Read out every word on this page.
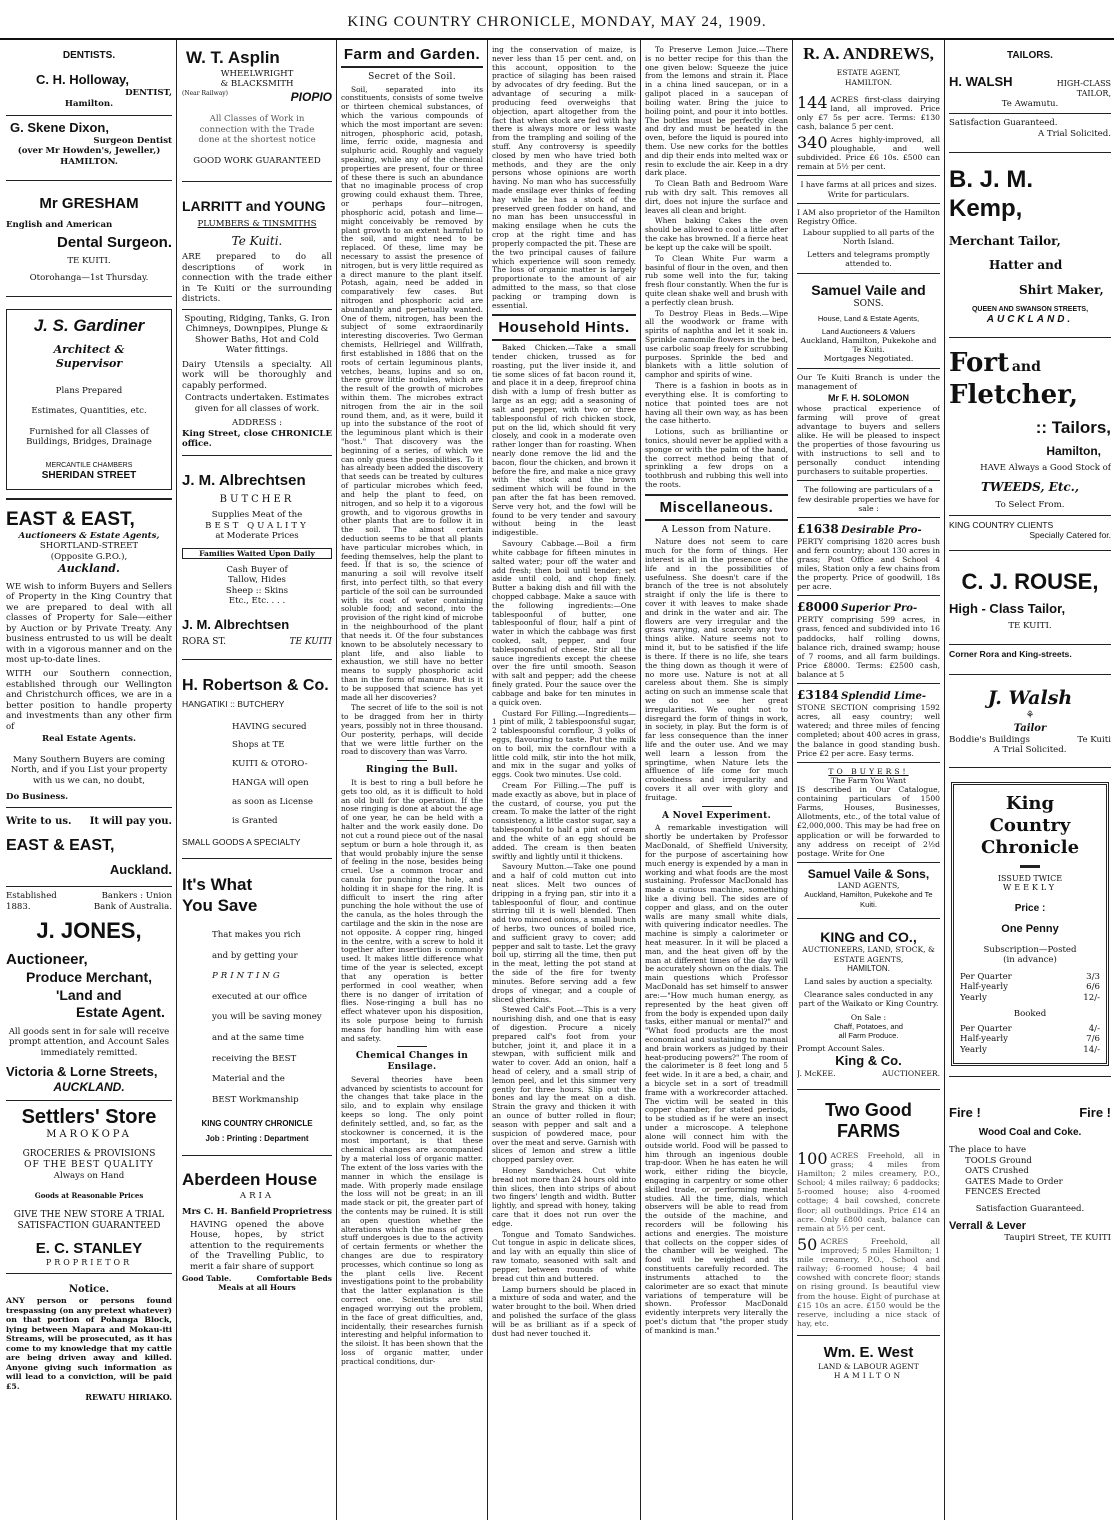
KING COUNTRY CHRONICLE, MONDAY, MAY 24, 1909.
DENTISTS.
C. H. Holloway,
DENTIST,
Hamilton.
G. Skene Dixon,
Surgeon Dentist
(over Mr Howden's, Jeweller,)
HAMILTON.
Mr GRESHAM
English and American
Dental Surgeon.
TE KUITI.
Otorohanga—1st Thursday.
J. S. Gardiner
Architect &
Supervisor
Plans Prepared
Estimates, Quantities, etc.
Furnished for all Classes of Buildings, Bridges, Drainage
MERCANTILE CHAMBERS
SHERIDAN STREET
EAST & EAST,
Auctioneers & Estate Agents,
SHORTLAND-STREET
(Opposite G.P.O.),
Auckland.
WE wish to inform Buyers and Sellers of Property in the King Country that we are prepared to deal with all classes of Property for Sale—either by Auction or by Private Treaty. Any business entrusted to us will be dealt with in a vigorous manner and on the most up-to-date lines.
WITH our Southern connection, established through our Wellington and Christchurch offices, we are in a better position to handle property and investments than any other firm of
Real Estate Agents.
Many Southern Buyers are coming North, and if you List your property with us we can, no doubt,
Do Business.
Write to us. It will pay you.
EAST & EAST,
Auckland.
Established 1883.
Bankers : Union Bank of Australia.
J. JONES,
Auctioneer,
Produce Merchant,
'Land and
Estate Agent.
All goods sent in for sale will receive prompt attention, and Account Sales immediately remitted.
Victoria & Lorne Streets,
AUCKLAND.
Settlers' Store
MAROKOPA
GROCERIES & PROVISIONS
OF THE BEST QUALITY
Always on Hand
Goods at Reasonable Prices
GIVE THE NEW STORE A TRIAL
SATISFACTION GUARANTEED
E. C. STANLEY
PROPRIETOR
Notice.
ANY person or persons found trespassing (on any pretext whatever) on that portion of Pohanga Block, lying between Mapara and Mokau-iti Streams, will be prosecuted, as it has come to my knowledge that my cattle are being driven away and killed. Anyone giving such information as will lead to a conviction, will be paid £5.
REWATU HIRIAKO.
W. T. Asplin
WHEELWRIGHT
& BLACKSMITH
(Near Railway)	PIOPIO
All Classes of Work in connection with the Trade done at the shortest notice
GOOD WORK GUARANTEED
LARRITT and YOUNG
PLUMBERS & TINSMITHS
Te Kuiti.
ARE prepared to do all descriptions of work in connection with the trade either in Te Kuiti or the surrounding districts.
Spouting, Ridging, Tanks, G. Iron Chimneys, Downpipes, Plunge & Shower Baths, Hot and Cold Water fittings.
Dairy Utensils a specialty. All work will be thoroughly and capably performed.
Contracts undertaken. Estimates given for all classes of work.
ADDRESS :
King Street, close CHRONICLE office.
J. M. Albrechtsen
BUTCHER
Supplies Meat of the
BEST QUALITY
at Moderate Prices
Families Waited Upon Daily
Cash Buyer of
Tallow, Hides
Sheep :: Skins
Etc., Etc. . . .
J. M. Albrechtsen
RORA ST.	TE KUITI
H. Robertson & Co.
HANGATIKI :: BUTCHERY
HAVING secured
Shops at TE
KUITI & OTORO-
HANGA will open
as soon as License
is Granted
SMALL GOODS A SPECIALTY
It's What
You Save
That makes you rich
and by getting your
PRINTING
executed at our office
you will be saving money
and at the same time
receiving the BEST
Material and the
BEST Workmanship
KING COUNTRY CHRONICLE
Job : Printing : Department
Aberdeen House
ARIA
Mrs C. H. Banfield Proprietress
HAVING opened the above House, hopes, by strict attention to the requirements of the Travelling Public, to merit a fair share of support
Good Table.	Comfortable Beds
Meals at all Hours
Farm and Garden.
Secret of the Soil.
Soil, separated into its constituents, consists of some twelve or thirteen chemical substances, of which the various compounds of which the most important are seven: nitrogen, phosphoric acid, potash, lime, ferric oxide, magnesia and sulphuric acid. Roughly and vaguely speaking, while any of the chemical properties are present, four or three of these there is such an abundance that no imaginable process of crop growing could exhaust them. Three, or perhaps four—nitrogen, phosphoric acid, potash and lime—might conceivably be removed by plant growth to an extent harmful to the soil, and might need to be replaced. Of these, lime may be necessary to assist the presence of nitrogen, but is very little required as a direct manure to the plant itself. Potash, again, need be added in comparatively few cases. But nitrogen and phosphoric acid are abundantly and perpetually wanted. One of them, nitrogen, has been the subject of some extraordinarily interesting discoveries. Two German chemists, Hellriegel and Willfrath, first established in 1886 that on the roots of certain leguminous plants, vetches, beans, lupins and so on, there grow little nodules, which are the result of the growth of microbes within them. The microbes extract nitrogen from the air in the soil round them, and, as it were, build it up into the substance of the root of the leguminous plant which is their "host." That discovery was the beginning of a series, of which we can only guess the possibilities. To it has already been added the discovery that seeds can be treated by cultures of particular microbes which feed, and help the plant to feed, on nitrogen, and so help it to a vigorous growth, and to vigorous growths in other plants that are to follow it in the soil. The almost certain deduction seems to be that all plants have particular microbes which, in feeding themselves, help the plant to feed. If that is so, the science of manuring a soil will revolve itself first, into perfect tilth, so that every particle of the soil can be surrounded with its coat of water containing soluble food; and second, into the provision of the right kind of microbe in the neighbourhood of the plant that needs it. Of the four substances known to be absolutely necessary to plant life, and also liable to exhaustion, we still have no better means to supply phosphoric acid than in the form of manure. But is it to be supposed that science has yet made all her discoveries?
The secret of life to the soil is not to be dragged from her in thirty years, possibly not in three thousand. Our posterity, perhaps, will decide that we were little further on the road to discovery than was Varro.
Ringing the Bull.
It is best to ring a bull before he gets too old, as it is difficult to hold an old bull for the operation. If the nose ringing is done at about the age of one year, he can be held with a halter and the work easily done. Do not cut a round piece out of the nasal septum or burn a hole through it, as that would probably injure the sense of feeling in the nose, besides being cruel. Use a common trocar and canula for punching the hole, and holding it in shape for the ring. It is difficult to insert the ring after punching the hole without the use of the canula, as the holes through the cartilage and the skin in the nose are not opposite. A copper ring, hinged in the centre, with a screw to hold it together after insertion is commonly used. It makes little difference what time of the year is selected, except that any operation is better performed in cool weather, when there is no danger of irritation of flies. Nose-ringing a bull has no effect whatever upon his disposition, its sole purpose being to furnish means for handling him with ease and safety.
Chemical Changes in Ensilage.
Several theories have been advanced by scientists to account for the changes that take place in the silo, and to explain why ensilage keeps so long. The only point definitely settled, and, so far, as the stockowner is concerned, it is the most important, is that these chemical changes are accompanied by a material loss of organic matter. The extent of the loss varies with the manner in which the ensilage is made. With properly made ensilage the loss will not be great; in an ill made stack or pit, the greater part of the contents may be ruined. It is still an open question whether the alterations which the mass of green stuff undergoes is due to the activity of certain ferments or whether the changes are due to respiratory processes, which continue so long as the plant cells live. Recent investigations point to the probability that the latter explanation is the correct one. Scientists are still engaged worrying out the problem, in the face of great difficulties, and, incidentally, their researches furnish interesting and helpful information to the siloist. It has been shown that the loss of organic matter, under practical conditions, dur-
ing the conservation of maize, is never less than 15 per cent. and, on this account, opposition to the practice of silaging has been raised by advocates of dry feeding. But the advantage of securing a milk-producing feed overweighs that objection, apart altogether from the fact that when stock are fed with hay there is always more or less waste from the trampling and soiling of the stuff. Any controversy is speedily closed by men who have tried both methods, and they are the only persons whose opinions are worth having. No man who has successfully made ensilage ever thinks of feeding hay while he has a stock of the preserved green fodder on hand, and no man has been unsuccessful in making ensilage when he cuts the crop at the right time and has properly compacted the pit. These are the two principal causes of failure which experience will soon remedy. The loss of organic matter is largely proportionate to the amount of air admitted to the mass, so that close packing or tramping down is essential.
Household Hints.
Baked Chicken.—Take a small tender chicken, trussed as for roasting, put the liver inside it, and tie some slices of fat bacon round it, and place it in a deep, fireproof china dish with a lump of fresh butter as large as an egg; add a seasoning of salt and pepper, with two or three tablespoonsful of rich chicken stock, put on the lid, which should fit very closely, and cook in a moderate oven rather longer than for roasting. When nearly done remove the lid and the bacon, flour the chicken, and brown it before the fire, and make a nice gravy with the stock and the brown sediment which will be found in the pan after the fat has been removed. Serve very hot, and the fowl will be found to be very tender and savoury without being in the least indigestible.
Savoury Cabbage.—Boil a firm white cabbage for fifteen minutes in salted water; pour off the water and add fresh; then boil until tender; set aside until cold, and chop finely. Butter a baking dish and fill with the chopped cabbage. Make a sauce with the following ingredients:—One tablespoonful of butter, one tablespoonful of flour, half a pint of water in which the cabbage was first cooked, salt, pepper, and four tablespoonsful of cheese. Stir all the sauce ingredients except the cheese over the fire until smooth. Season with salt and pepper; add the cheese finely grated. Pour the sauce over the cabbage and bake for ten minutes in a quick oven.
Custard For Filling.—Ingredients—1 pint of milk, 2 tablespoonsful sugar, 2 tablespoonsful cornflour, 3 yolks of eggs, flavouring to taste. Put the milk on to boil, mix the cornflour with a little cold milk, stir into the hot milk, and mix in the sugar and yolks of eggs. Cook two minutes. Use cold.
Cream For Filling.—The puff is made exactly as above, but in place of the custard, of course, you put the cream. To make the latter of the right consistency, a little castor sugar, say a tablespoonful to half a pint of cream and the white of an egg should be added. The cream is then beaten swiftly and lightly until it thickens.
Savoury Mutton.—Take one pound and a half of cold mutton cut into neat slices. Melt two ounces of dripping in a frying pan, stir into it a tablespoonful of flour, and continue stirring till it is well blended. Then add two minced onions, a small bunch of herbs, two ounces of boiled rice, and sufficient gravy to cover; add pepper and salt to taste. Let the gravy boil up, stirring all the time, then put in the meat, letting the pot stand at the side of the fire for twenty minutes. Before serving add a few drops of vinegar, and a couple of sliced gherkins.
Stewed Calf's Foot.—This is a very nourishing dish, and one that is easy of digestion. Procure a nicely prepared calf's foot from your butcher, joint it, and place it in a stewpan, with sufficient milk and water to cover. Add an onion, half a head of celery, and a small strip of lemon peel, and let this simmer very gently for three hours. Slip out the bones and lay the meat on a dish. Strain the gravy and thicken it with an ounce of butter rolled in flour; season with pepper and salt and a suspicion of powdered mace, pour over the meat and serve. Garnish with slices of lemon and strew a little chopped parsley over.
Honey Sandwiches. Cut white bread not more than 24 hours old into thin slices, then into strips of about two fingers' length and width. Butter lightly, and spread with honey, taking care that it does not run over the edge.
Tongue and Tomato Sandwiches. Cut tongue in aspic in delicate slices, and lay with an equally thin slice of raw tomato, seasoned with salt and pepper, between rounds of white bread cut thin and buttered.
Lamp burners should be placed in a mixture of soda and water, and the water brought to the boil. When dried and polished the surface of the glass will be as brilliant as if a speck of dust had never touched it.
To Preserve Lemon Juice.—There is no better recipe for this than the one given below: Squeeze the juice from the lemons and strain it. Place in a china lined saucepan, or in a galipot placed in a saucepan of boiling water. Bring the juice to boiling point, and pour it into bottles. The bottles must be perfectly clean and dry and must be heated in the oven, before the liquid is poured into them. Use new corks for the bottles and dip their ends into melted wax or resin to exclude the air. Keep in a dry dark place.
To Clean Bath and Bedroom Ware rub with dry salt. This removes all dirt, does not injure the surface and leaves all clean and bright.
When baking Cakes the oven should be allowed to cool a little after the cake has browned. If a fierce heat be kept up the cake will be spoilt.
To Clean White Fur warm a basinful of flour in the oven, and then rub some well into the fur, taking fresh flour constantly. When the fur is quite clean shake well and brush with a perfectly clean brush.
To Destroy Fleas in Beds.—Wipe all the woodwork or frame with spirits of naphtha and let it soak in. Sprinkle camomile flowers in the bed, use carbolic soap freely for scrubbing purposes. Sprinkle the bed and blankets with a little solution of camphor and spirits of wine.
There is a fashion in boots as in everything else. It is comforting to notice that pointed toes are not having all their own way, as has been the case hitherto.
Lotions, such as brilliantine or tonics, should never be applied with a sponge or with the palm of the hand, the correct method being that of sprinkling a few drops on a toothbrush and rubbing this well into the roots.
Miscellaneous.
A Lesson from Nature.
Nature does not seem to care much for the form of things. Her interest is all in the presence of the life and in the possibilities of usefulness. She doesn't care if the branch of the tree is not absolutely straight if only the life is there to cover it with leaves to make shade and drink in the water and air. The flowers are very irregular and the grass varying, and scarcely any two things alike. Nature seems not to mind it, but to be satisfied if the life is there. If there is no life, she tears the thing down as though it were of no more use. Nature is not at all careless about them. She is simply acting on such an immense scale that we do not see her great irregularities. We ought not to disregard the form of things in work, in society, in play. But the form is of far less consequence than the inner life and the outer use. And we may well learn a lesson from the springtime, when Nature lets the affluence of life come for much crookedness and irregularity and covers it all over with glory and fruitage.
A Novel Experiment.
A remarkable investigation will shortly be undertaken by Professor MacDonald, of Sheffield University, for the purpose of ascertaining how much energy is expended by a man in working and what foods are the most sustaining. Professor MacDonald has made a curious machine, something like a diving bell. The sides are of copper and glass, and on the outer walls are many small white dials, with quivering indicator needles. The machine is simply a calorimeter or heat measurer. In it will be placed a man, and the heat given off by the man at different times of the day will be accurately shown on the dials. The main questions which Professor MacDonald has set himself to answer are:—"How much human energy, as represented by the heat given off from the body is expended upon daily tasks, either manual or mental?" and "What food products are the most economical and sustaining to manual and brain workers as judged by their heat-producing powers?" The room of the calorimeter is 8 feet long and 5 feet wide. In it are a bed, a chair, and a bicycle set in a sort of treadmill frame with a workrecorder attached. The victim will be seated in this copper chamber, for stated periods, to be studied as if he were an insect under a microscope. A telephone alone will connect him with the outside world. Food will be passed to him through an ingenious double trap-door. When he has eaten he will work, either riding the bicycle, engaging in carpentry or some other skilled trade, or performing mental studies. All the time, dials, which observers will be able to read from the outside of the machine, and recorders will be following his actions and energies. The moisture that collects on the copper sides of the chamber will be weighed. The food will be weighed and its constituents carefully recorded. The instruments attached to the calorimeter are so exact that minute variations of temperature will be shown. Professor MacDonald evidently interprets very literally the poet's dictum that "the proper study of mankind is man."
R. A. ANDREWS,
ESTATE AGENT,
HAMILTON.
144 ACRES first-class dairying land, all improved. Price only £7 5s per acre. Terms: £130 cash, balance 5 per cent.
340 Acres highly-improved, all ploughable, and well subdivided. Price £6 10s. £500 can remain at 5½ per cent.
I have farms at all prices and sizes. Write for particulars.
I AM also proprietor of the Hamilton Registry Office.
Labour supplied to all parts of the North Island.
Letters and telegrams promptly attended to.
Samuel Vaile and
SONS.
House, Land & Estate Agents,
Land Auctioneers & Valuers
Auckland, Hamilton, Pukekohe and Te Kuiti.
Mortgages Negotiated.
Our Te Kuiti Branch is under the management of
Mr F. H. SOLOMON
whose practical experience of farming will prove of great advantage to buyers and sellers alike. He will be pleased to inspect the properties of those favouring us with instructions to sell and to personally conduct intending purchasers to suitable properties.
The following are particulars of a few desirable properties we have for sale :
£1638 Desirable Pro-
PERTY comprising 1820 acres bush and fern country; about 130 acres in grass; Post Office and School 4 miles, Station only a few chains from the property. Price of goodwill, 18s per acre.
£8000 Superior Pro-
PERTY comprising 599 acres, in grass, fenced and subdivided into 16 paddocks, half rolling downs, balance rich, drained swamp; house of 7 rooms, and all farm buildings. Price £8000. Terms: £2500 cash, balance at 5
£3184 Splendid Lime-
STONE SECTION comprising 1592 acres, all easy country; well watered; and three miles of fencing completed; about 400 acres in grass, the balance in good standing bush. Price £2 per acre. Easy terms.
TO BUYERS!
The Farm You Want
IS described in Our Catalogue, containing particulars of 1500 Farms, Houses, Businesses, Allotments, etc., of the total value of £2,000,000. This may be had free on application or will be forwarded to any address on receipt of 2½d postage. Write for One
Samuel Vaile & Sons,
LAND AGENTS,
Auckland, Hamilton, Pukekohe and Te Kuiti.
KING and CO.,
AUCTIONEERS, LAND, STOCK, & ESTATE AGENTS,
HAMILTON.
Land sales by auction a specialty.
Clearance sales conducted in any part of the Waikato or King Country.
On Sale :
Chaff, Potatoes, and
all Farm Produce.
Prompt Account Sales.
King & Co.
J. McKEE.	AUCTIONEER.
Two Good
FARMS
100 ACRES Freehold, all in grass; 4 miles from Hamilton; 2 miles creamery, P.O., School; 4 miles railway; 6 paddocks; 5-roomed house; also 4-roomed cottage; 4 bail cowshed, concrete floor; all outbuildings. Price £14 an acre. Only £800 cash, balance can remain at 5½ per cent.
50 ACRES Freehold, all improved; 5 miles Hamilton; 1 mile creamery, P.O., School and railway; 6-roomed house; 4 bail cowshed with concrete floor; stands on rising ground. Is beautiful view from the house. Eight of purchase at £15 10s an acre. £150 would be the reserve, including a nice stack of hay, etc.
Wm. E. West
LAND & LABOUR AGENT
HAMILTON
TAILORS.
H. WALSH	HIGH-CLASS TAILOR,
Te Awamutu.
Satisfaction Guaranteed.
A Trial Solicited.
B. J. M. Kemp,
Merchant Tailor,
Hatter and
Shirt Maker,
QUEEN AND SWANSON STREETS,
AUCKLAND.
Fort and
Fletcher,
:: Tailors,
Hamilton,
HAVE Always a Good Stock of
TWEEDS, Etc.,
To Select From.
KING COUNTRY CLIENTS
Specially Catered for.
C. J. ROUSE,
High - Class Tailor,
TE KUITI.
Corner Rora and King-streets.
J. Walsh
⚘
Tailor
Boddie's Buildings	Te Kuiti
A Trial Solicited.
King
Country
Chronicle
ISSUED TWICE
WEEKLY
Price :
One Penny
Subscription—Posted
(in advance)
Per Quarter	3/3
Half-yearly	6/6
Yearly	12/-
Booked
Per Quarter	4/-
Half-yearly	7/6
Yearly	14/-
Fire !	Fire !
Wood Coal and Coke.
The place to have
TOOLS Ground
OATS Crushed
GATES Made to Order
FENCES Erected
Satisfaction Guaranteed.
Verrall & Lever
Taupiri Street, TE KUITI
